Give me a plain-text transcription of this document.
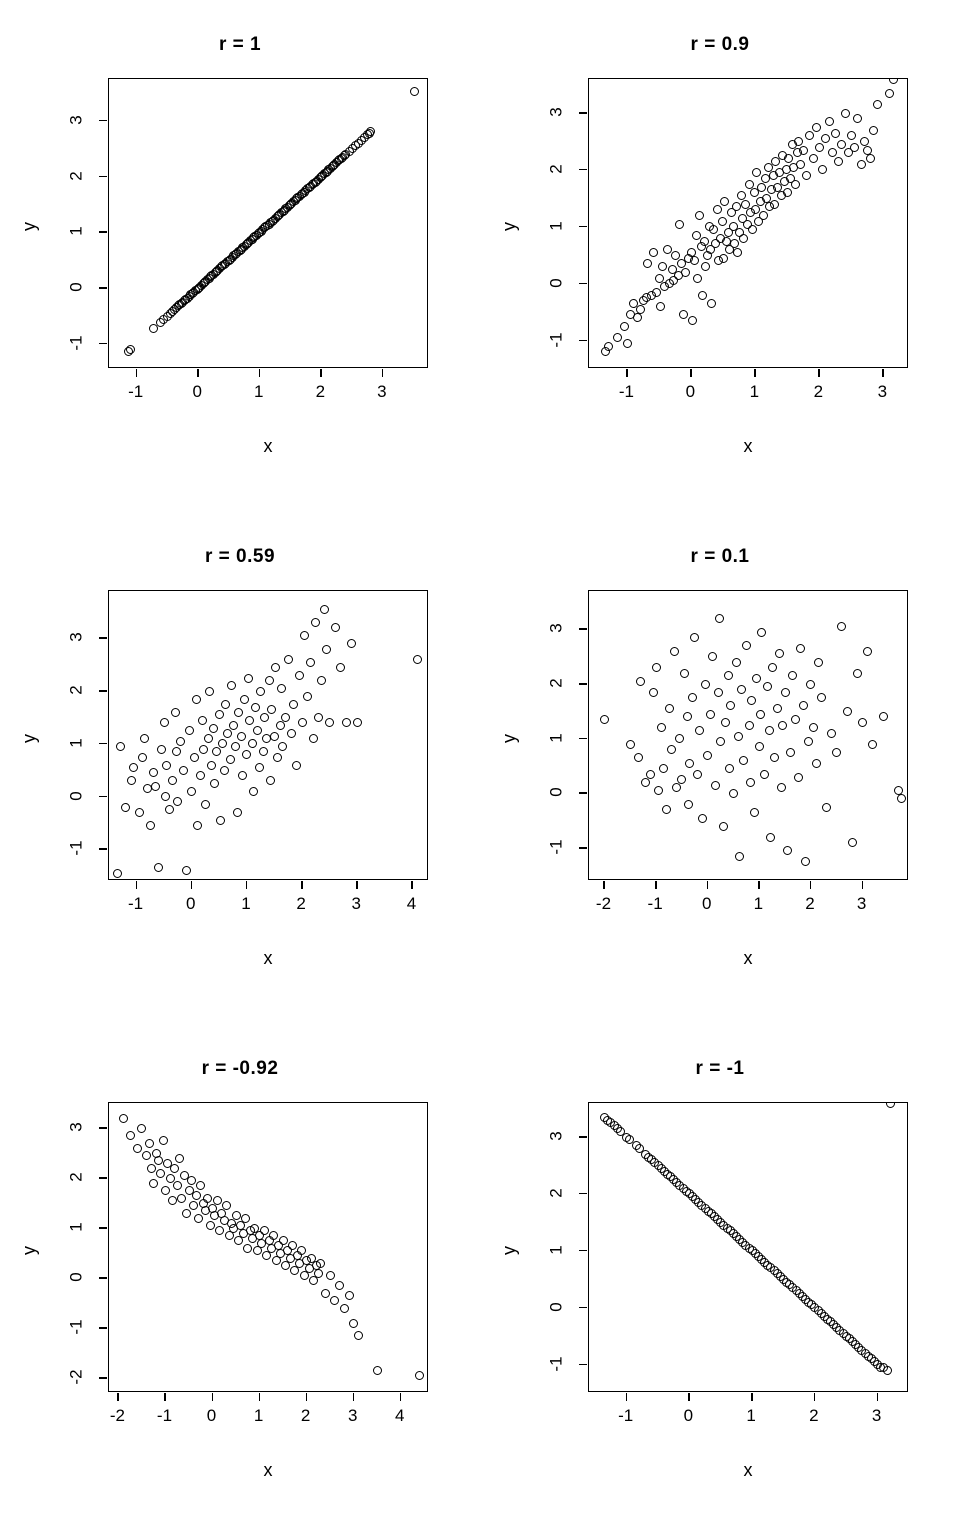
r = 1
-1	0	1	2	3
-1
0
1
2
3
x
y
r = 0.9
-1	0	1	2	3
-1
0
1
2
3
x
y
r = 0.59
-1	0	1	2	3	4
-1
0
1
2
3
x
y
r = 0.1
-2	-1	0	1	2	3
-1
0
1
2
3
x
y
r = -0.92
-2	-1	0	1	2	3	4
-2
-1
0
1
2
3
x
y
r = -1
-1	0	1	2	3
-1
0
1
2
3
x
y
